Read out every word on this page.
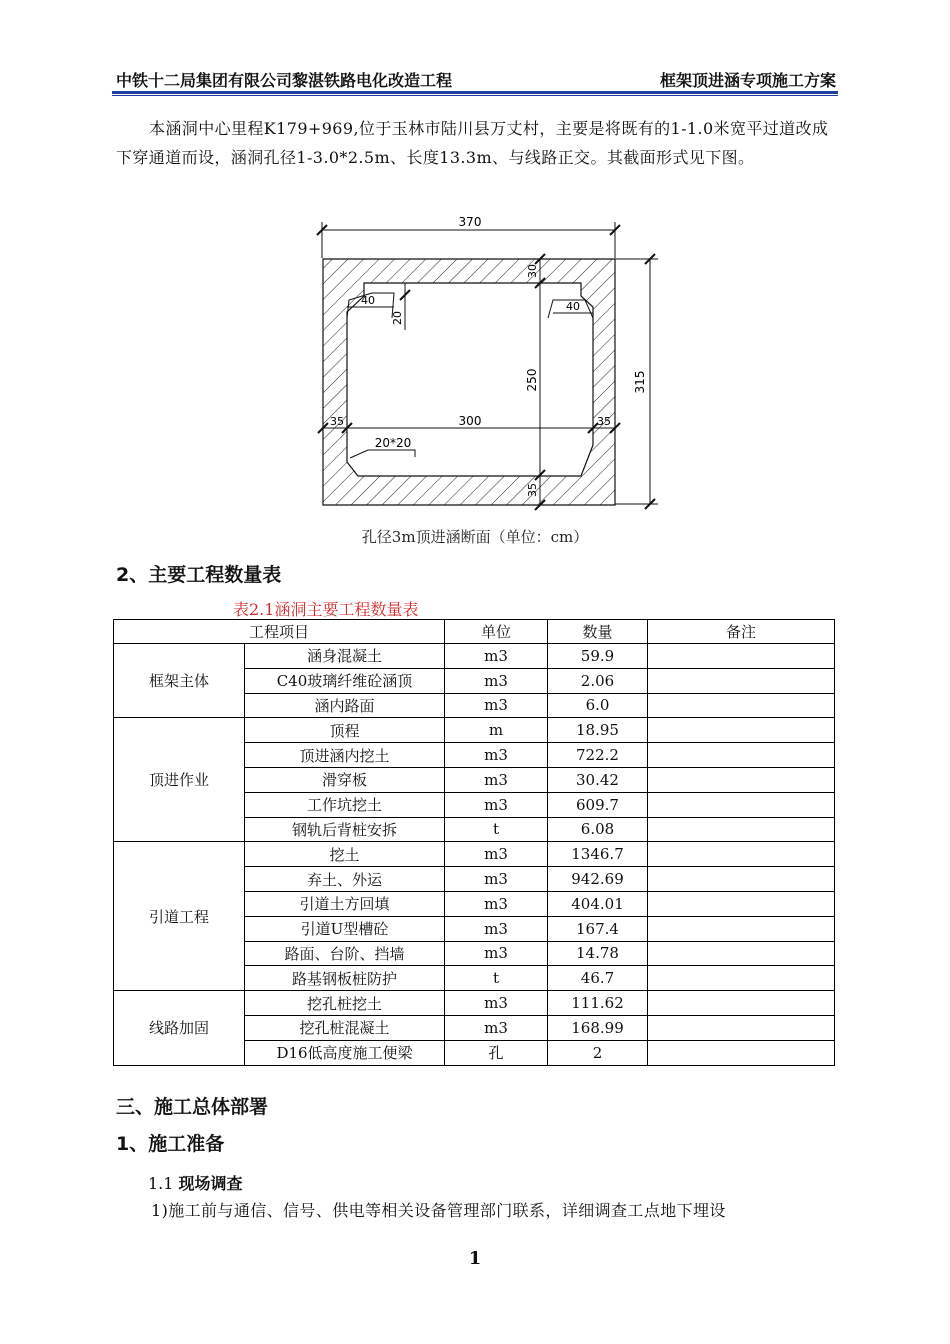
中铁十二局集团有限公司黎湛铁路电化改造工程	框架顶进涵专项施工方案
本涵洞中心里程K179+969,位于玉林市陆川县万丈村，主要是将既有的1-1.0米宽平过道改成下穿通道而设，涵洞孔径1-3.0*2.5m、长度13.3m、与线路正交。其截面形式见下图。
370
315
250
30
35
300
35	35
40
20
40
20*20
孔径3m顶进涵断面（单位：cm）
2、主要工程数量表
表2.1涵洞主要工程数量表
工程项目		单位	数量	备注
框架主体	涵身混凝土	m3	59.9	
	C40玻璃纤维砼涵顶	m3	2.06	
	涵内路面	m3	6.0	
顶进作业	顶程	m	18.95	
	顶进涵内挖土	m3	722.2	
	滑穿板	m3	30.42	
	工作坑挖土	m3	609.7	
	钢轨后背桩安拆	t	6.08	
引道工程	挖土	m3	1346.7	
	弃土、外运	m3	942.69	
	引道土方回填	m3	404.01	
	引道U型槽砼	m3	167.4	
	路面、台阶、挡墙	m3	14.78	
	路基钢板桩防护	t	46.7	
线路加固	挖孔桩挖土	m3	111.62	
	挖孔桩混凝土	m3	168.99	
	D16低高度施工便梁	孔	2	
三、施工总体部署
1、施工准备
1.1 现场调查
1)施工前与通信、信号、供电等相关设备管理部门联系，详细调查工点地下埋设
1
